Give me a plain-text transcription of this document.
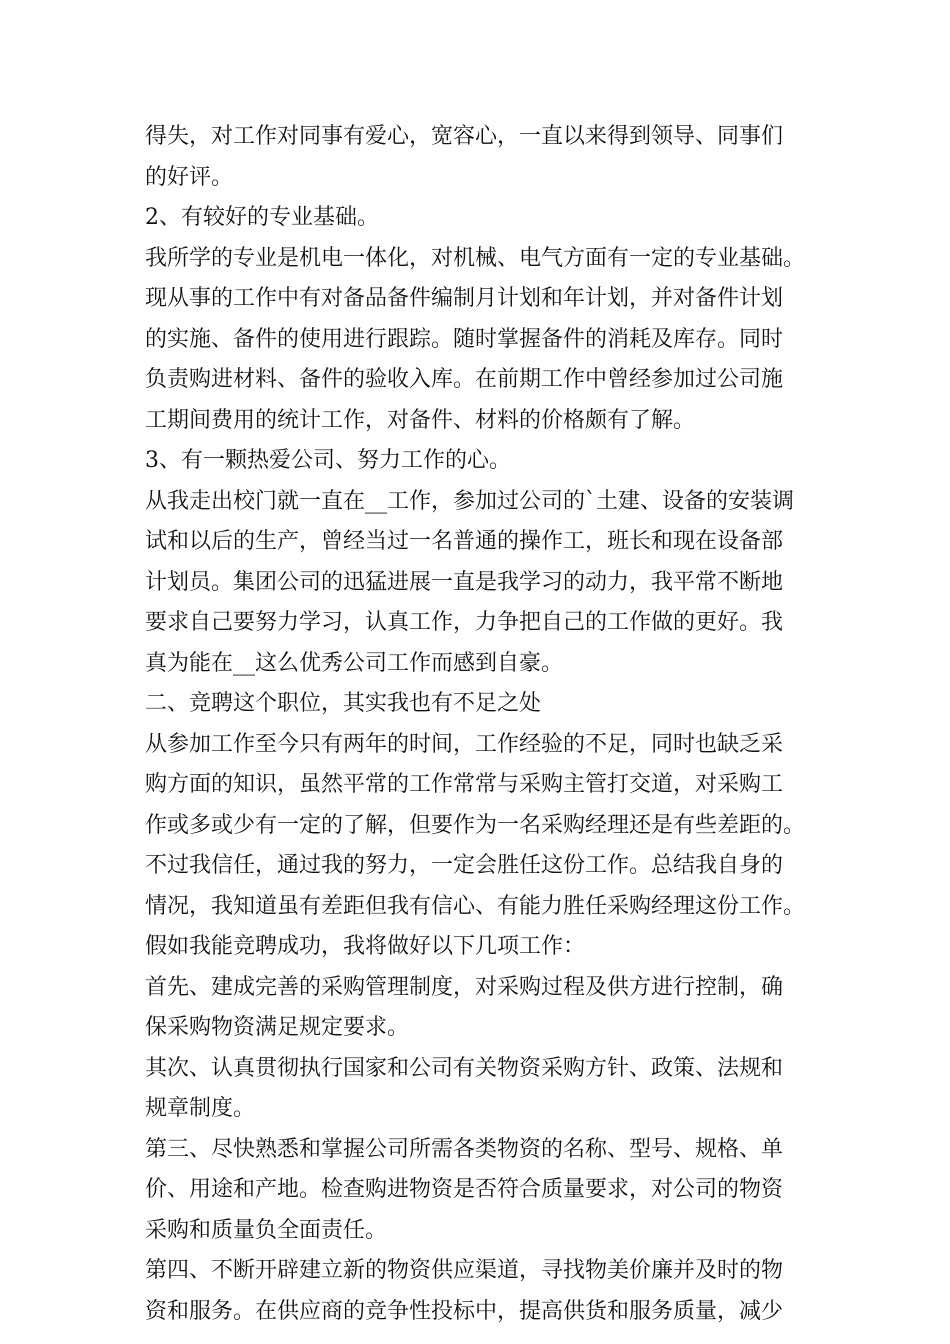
得失，对工作对同事有爱心，宽容心，一直以来得到领导、同事们
的好评。
2、有较好的专业基础。
我所学的专业是机电一体化，对机械、电气方面有一定的专业基础。
现从事的工作中有对备品备件编制月计划和年计划，并对备件计划
的实施、备件的使用进行跟踪。随时掌握备件的消耗及库存。同时
负责购进材料、备件的验收入库。在前期工作中曾经参加过公司施
工期间费用的统计工作，对备件、材料的价格颇有了解。
3、有一颗热爱公司、努力工作的心。
从我走出校门就一直在__工作，参加过公司的`土建、设备的安装调
试和以后的生产，曾经当过一名普通的操作工，班长和现在设备部
计划员。集团公司的迅猛进展一直是我学习的动力，我平常不断地
要求自己要努力学习，认真工作，力争把自己的工作做的更好。我
真为能在__这么优秀公司工作而感到自豪。
二、竞聘这个职位，其实我也有不足之处
从参加工作至今只有两年的时间，工作经验的不足，同时也缺乏采
购方面的知识，虽然平常的工作常常与采购主管打交道，对采购工
作或多或少有一定的了解，但要作为一名采购经理还是有些差距的。
不过我信任，通过我的努力，一定会胜任这份工作。总结我自身的
情况，我知道虽有差距但我有信心、有能力胜任采购经理这份工作。
假如我能竞聘成功，我将做好以下几项工作：
首先、建成完善的采购管理制度，对采购过程及供方进行控制，确
保采购物资满足规定要求。
其次、认真贯彻执行国家和公司有关物资采购方针、政策、法规和
规章制度。
第三、尽快熟悉和掌握公司所需各类物资的名称、型号、规格、单
价、用途和产地。检查购进物资是否符合质量要求，对公司的物资
采购和质量负全面责任。
第四、不断开辟建立新的物资供应渠道，寻找物美价廉并及时的物
资和服务。在供应商的竞争性投标中，提高供货和服务质量，减少
